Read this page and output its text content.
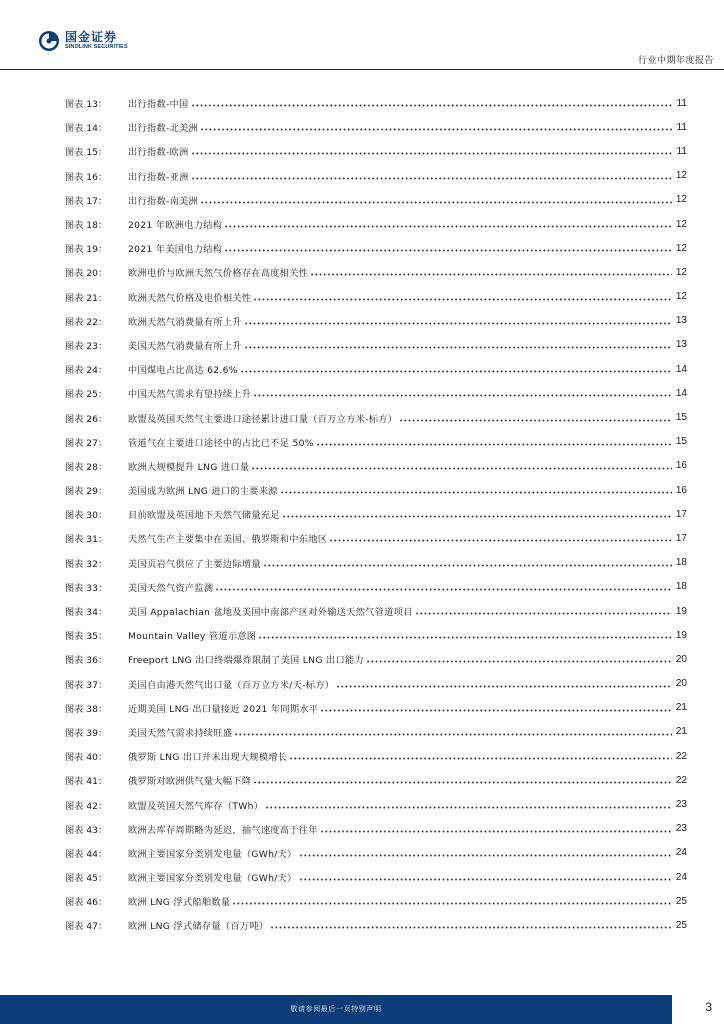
国金证券
SINOLINK SECURITIES
行业中期年度报告
图表 13：	出行指数-中国	11
图表 14：	出行指数-北美洲	11
图表 15：	出行指数-欧洲	11
图表 16：	出行指数-亚洲	12
图表 17：	出行指数-南美洲	12
图表 18：	2021 年欧洲电力结构	12
图表 19：	2021 年美国电力结构	12
图表 20：	欧洲电价与欧洲天然气价格存在高度相关性	12
图表 21：	欧洲天然气价格及电价相关性	12
图表 22：	欧洲天然气消费量有所上升	13
图表 23：	美国天然气消费量有所上升	13
图表 24：	中国煤电占比高达 62.6%	14
图表 25：	中国天然气需求有望持续上升	14
图表 26：	欧盟及英国天然气主要进口途径累计进口量（百万立方米-标方）	15
图表 27：	管道气在主要进口途径中的占比已不足 50%	15
图表 28：	欧洲大规模提升 LNG 进口量	16
图表 29：	美国成为欧洲 LNG 进口的主要来源	16
图表 30：	目前欧盟及英国地下天然气储量充足	17
图表 31：	天然气生产主要集中在美国、俄罗斯和中东地区	17
图表 32：	美国页岩气供应了主要边际增量	18
图表 33：	美国天然气资产监测	18
图表 34：	美国 Appalachian 盆地及美国中南部产区对外输送天然气管道项目	19
图表 35：	Mountain Valley 管道示意图	19
图表 36：	Freeport LNG 出口终端爆炸限制了美国 LNG 出口能力	20
图表 37：	美国自由港天然气出口量（百万立方米/天-标方）	20
图表 38：	近期美国 LNG 出口量接近 2021 年同期水平	21
图表 39：	美国天然气需求持续旺盛	21
图表 40：	俄罗斯 LNG 出口并未出现大规模增长	22
图表 41：	俄罗斯对欧洲供气量大幅下降	22
图表 42：	欧盟及英国天然气库存（TWh）	23
图表 43：	欧洲去库存周期略为延迟，抽气速度高于往年	23
图表 44：	欧洲主要国家分类别发电量（GWh/天）	24
图表 45：	欧洲主要国家分类别发电量（GWh/天）	24
图表 46：	欧洲 LNG 浮式船舶数量	25
图表 47：	欧洲 LNG 浮式储存量（百万吨）	25
敬请参阅最后一页特别声明	3
